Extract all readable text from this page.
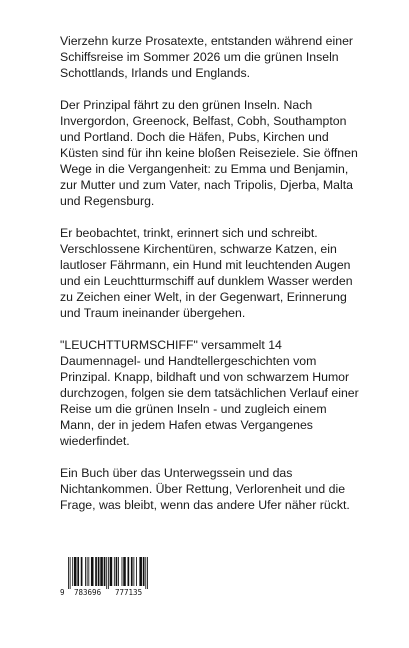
Vierzehn kurze Prosatexte, entstanden während einer Schiffsreise im Sommer 2026 um die grünen Inseln Schottlands, Irlands und Englands.

Der Prinzipal fährt zu den grünen Inseln. Nach Invergordon, Greenock, Belfast, Cobh, Southampton und Portland. Doch die Häfen, Pubs, Kirchen und Küsten sind für ihn keine bloßen Reiseziele. Sie öffnen Wege in die Vergangenheit: zu Emma und Benjamin, zur Mutter und zum Vater, nach Tripolis, Djerba, Malta und Regensburg.

Er beobachtet, trinkt, erinnert sich und schreibt. Verschlossene Kirchentüren, schwarze Katzen, ein lautloser Fährmann, ein Hund mit leuchtenden Augen und ein Leuchtturmschiff auf dunklem Wasser werden zu Zeichen einer Welt, in der Gegenwart, Erinnerung und Traum ineinander übergehen.

"LEUCHTTURMSCHIFF" versammelt 14 Daumennagel- und Handtellergeschichten vom Prinzipal. Knapp, bildhaft und von schwarzem Humor durchzogen, folgen sie dem tatsächlichen Verlauf einer Reise um die grünen Inseln - und zugleich einem Mann, der in jedem Hafen etwas Vergangenes wiederfindet.

Ein Buch über das Unterwegssein und das Nichtankommen. Über Rettung, Verlorenheit und die Frage, was bleibt, wenn das andere Ufer näher rückt.

9 783696 777135
